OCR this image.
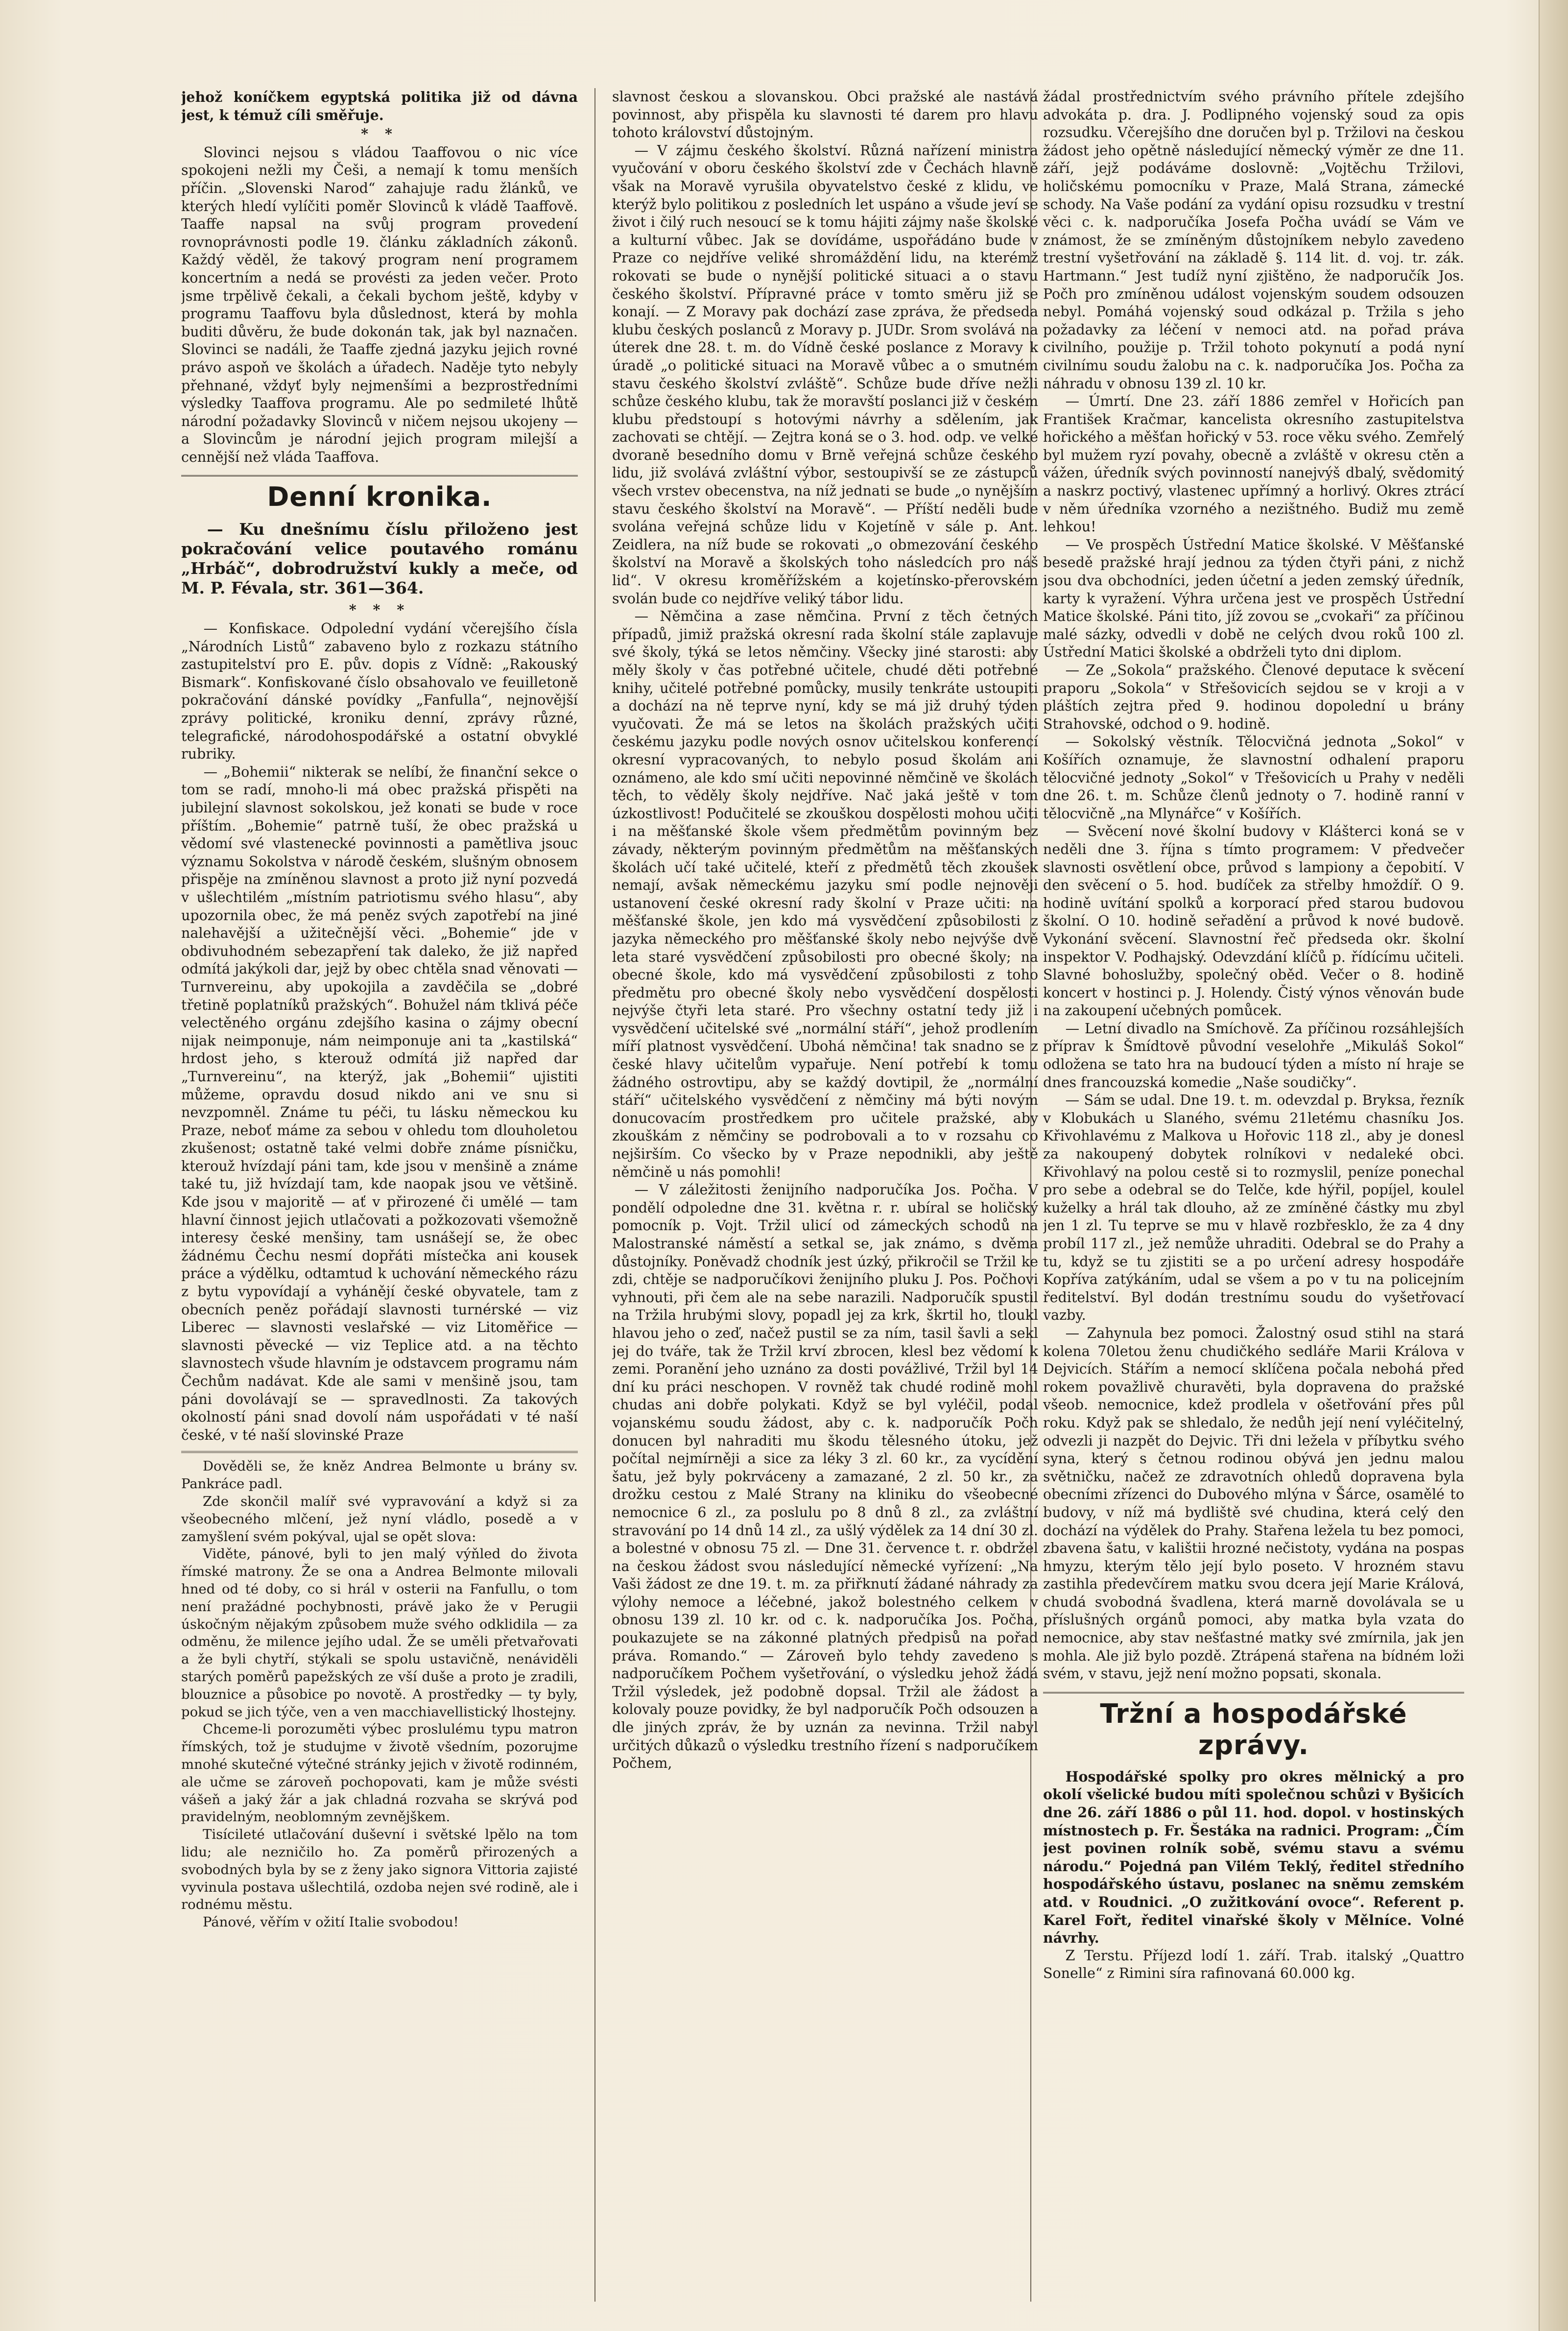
jehož koníčkem egyptská politika již od dávna jest, k témuž cíli směřuje.

* *

Slovinci nejsou s vládou Taaffovou o nic více spokojeni nežli my Češi, a nemají k tomu menších příčin. „Slovenski Narod“ zahajuje radu žlánků, ve kterých hledí vylíčiti poměr Slovinců k vládě Taaffově. Taaffe napsal na svůj program provedení rovnoprávnosti podle 19. článku základních zákonů. Každý věděl, že takový program není programem koncertním a nedá se provésti za jeden večer. Proto jsme trpělivě čekali, a čekali bychom ještě, kdyby v programu Taaffovu byla důslednost, která by mohla buditi důvěru, že bude dokonán tak, jak byl naznačen. Slovinci se nadáli, že Taaffe zjedná jazyku jejich rovné právo aspoň ve školách a úřadech. Naděje tyto nebyly přehnané, vždyť byly nejmenšími a bezprostředními výsledky Taaffova programu. Ale po sedmileté lhůtě národní požadavky Slovinců v ničem nejsou ukojeny — a Slovincům je národní jejich program milejší a cennější než vláda Taaffova.

Denní kronika.
— Ku dnešnímu číslu přiloženo jest pokračování velice poutavého románu „Hrbáč“, dobrodružství kukly a meče, od M. P. Févala, str. 361—364.
* * *

— Konfiskace. Odpolední vydání včerejšího čísla „Národních Listů“ zabaveno bylo z rozkazu státního zastupitelství pro E. pův. dopis z Vídně: „Rakouský Bismark“. Konfiskované číslo obsahovalo ve feuilletoně pokračování dánské povídky „Fanfulla“, nejnovější zprávy politické, kroniku denní, zprávy různé, telegrafické, národohospodářské a ostatní obvyklé rubriky.

— „Bohemii“ nikterak se nelíbí, že finanční sekce o tom se radí, mnoho-li má obec pražská přispěti na jubilejní slavnost sokolskou, jež konati se bude v roce příštím. „Bohemie“ patrně tuší, že obec pražská u vědomí své vlastenecké povinnosti a pamětliva jsouc významu Sokolstva v národě českém, slušným obnosem přispěje na zmíněnou slavnost a proto již nyní pozvedá v ušlechtilém „místním patriotismu svého hlasu“, aby upozornila obec, že má peněz svých zapotřebí na jiné nalehavější a užitečnější věci. „Bohemie“ jde v obdivuhodném sebezapření tak daleko, že již napřed odmítá jakýkoli dar, jejž by obec chtěla snad věnovati — Turnvereinu, aby upokojila a zavděčila se „dobré třetině poplatníků pražských“. Bohužel nám tklivá péče velectěného orgánu zdejšího kasina o zájmy obecní nijak neimponuje, nám neimponuje ani ta „kastilská“ hrdost jeho, s kterouž odmítá již napřed dar „Turnvereinu“, na kterýž, jak „Bohemii“ ujistiti můžeme, opravdu dosud nikdo ani ve snu si nevzpomněl. Známe tu péči, tu lásku německou ku Praze, neboť máme za sebou v ohledu tom dlouholetou zkušenost; ostatně také velmi dobře známe písničku, kterouž hvízdají páni tam, kde jsou v menšině a známe také tu, již hvízdají tam, kde naopak jsou ve většině. Kde jsou v majoritě — ať v přirozené či umělé — tam hlavní činnost jejich utlačovati a požkozovati všemožně interesy české menšiny, tam usnášejí se, že obec žádnému Čechu nesmí dopřáti místečka ani kousek práce a výdělku, odtamtud k uchování německého rázu z bytu vypovídají a vyhánějí české obyvatele, tam z obecních peněz pořádají slavnosti turnérské — viz Liberec — slavnosti veslařské — viz Litoměřice — slavnosti pěvecké — viz Teplice atd. a na těchto slavnostech všude hlavním je odstavcem programu nám Čechům nadávat. Kde ale sami v menšině jsou, tam páni dovolávají se — spravedlnosti. Za takových okolností páni snad dovolí nám uspořádati v té naší české, v té naší slovinské Praze

Dověděli se, že kněz Andrea Belmonte u brány sv. Pankráce padl.

Zde skončil malíř své vypravování a když si za všeobecného mlčení, jež nyní vládlo, posedě a v zamyšlení svém pokýval, ujal se opět slova:

Viděte, pánové, byli to jen malý výňled do života římské matrony. Že se ona a Andrea Belmonte milovali hned od té doby, co si hrál v osterii na Fanfullu, o tom není pražádné pochybnosti, právě jako že v Perugii úskočným nějakým způsobem muže svého odklidila — za odměnu, že milence jejího udal. Že se uměli přetvařovati a že byli chytří, stýkali se spolu ustavičně, nenáviděli starých poměrů papežských ze vší duše a proto je zradili, blouznice a působice po novotě. A prostředky — ty byly, pokud se jich týče, ven a ven macchiavellistický lhostejny.

Chceme-li porozuměti výbec proslulému typu matron římských, tož je studujme v životě všedním, pozorujme mnohé skutečné výtečné stránky jejich v životě rodinném, ale učme se zároveň pochopovati, kam je může svésti vášeň a jaký žár a jak chladná rozvaha se skrývá pod pravidelným, neoblomným zevnějškem.

Tisícileté utlačování duševní i světské lpělo na tom lidu; ale nezničilo ho. Za poměrů přirozených a svobodných byla by se z ženy jako signora Vittoria zajisté vyvinula postava ušlechtilá, ozdoba nejen své rodině, ale i rodnému městu.

Pánové, věřím v ožití Italie svobodou!

slavnost českou a slovanskou. Obci pražské ale nastává povinnost, aby přispěla ku slavnosti té darem pro hlavu tohoto království důstojným.

— V zájmu českého školství. Různá nařízení ministra vyučování v oboru českého školství zde v Čechách hlavně však na Moravě vyrušila obyvatelstvo české z klidu, ve kterýž bylo politikou z posledních let uspáno a všude jeví se život i čilý ruch nesoucí se k tomu hájiti zájmy naše školské a kulturní vůbec. Jak se dovídáme, uspořádáno bude v Praze co nejdříve veliké shromáždění lidu, na kterémž rokovati se bude o nynější politické situaci a o stavu českého školství. Přípravné práce v tomto směru již se konají. — Z Moravy pak dochází zase zpráva, že předseda klubu českých poslanců z Moravy p. JUDr. Srom svolává na úterek dne 28. t. m. do Vídně české poslance z Moravy k úradě „o politické situaci na Moravě vůbec a o smutném stavu českého školství zvláště“. Schůze bude dříve nežli schůze českého klubu, tak že moravští poslanci již v českém klubu předstoupí s hotovými návrhy a sdělením, jak zachovati se chtějí. — Zejtra koná se o 3. hod. odp. ve velké dvoraně besedního domu v Brně veřejná schůze českého lidu, již svolává zvláštní výbor, sestoupivší se ze zástupců všech vrstev obecenstva, na níž jednati se bude „o nynějším stavu českého školství na Moravě“. — Příští neděli bude svolána veřejná schůze lidu v Kojetíně v sále p. Ant. Zeidlera, na níž bude se rokovati „o obmezování českého školství na Moravě a školských toho následcích pro náš lid“. V okresu kroměřížském a kojetínsko-přerovském svolán bude co nejdříve veliký tábor lidu.

— Němčina a zase němčina. První z těch četných případů, jimiž pražská okresní rada školní stále zaplavuje své školy, týká se letos němčiny. Všecky jiné starosti: aby měly školy v čas potřebné učitele, chudé děti potřebné knihy, učitelé potřebné pomůcky, musily tenkráte ustoupiti a dochází na ně teprve nyní, kdy se má již druhý týden vyučovati. Že má se letos na školách pražských učiti českému jazyku podle nových osnov učitelskou konferencí okresní vypracovaných, to nebylo posud školám ani oznámeno, ale kdo smí učiti nepovinné němčině ve školách těch, to věděly školy nejdříve. Nač jaká ještě v tom úzkostlivost! Podučitelé se zkouškou dospělosti mohou učiti i na měšťanské škole všem předmětům povinným bez závady, některým povinným předmětům na měšťanských školách učí také učitelé, kteří z předmětů těch zkoušek nemají, avšak německému jazyku smí podle nejnověji ustanovení české okresní rady školní v Praze učiti: na měšťanské škole, jen kdo má vysvědčení způsobilosti z jazyka německého pro měšťanské školy nebo nejvýše dvě leta staré vysvědčení způsobilosti pro obecné školy; na obecné škole, kdo má vysvědčení způsobilosti z toho předmětu pro obecné školy nebo vysvědčení dospělosti nejvýše čtyři leta staré. Pro všechny ostatní tedy již i vysvědčení učitelské své „normální stáří“, jehož prodlením míří platnost vysvědčení. Ubohá němčina! tak snadno se z české hlavy učitelům vypařuje. Není potřebí k tomu žádného ostrovtipu, aby se každý dovtipil, že „normální stáří“ učitelského vysvědčení z němčiny má býti novým donucovacím prostředkem pro učitele pražské, aby zkouškám z němčiny se podrobovali a to v rozsahu co nejširším. Co všecko by v Praze nepodnikli, aby ještě němčině u nás pomohli!

— V záležitosti ženijního nadporučíka Jos. Počha. V pondělí odpoledne dne 31. května r. r. ubíral se holičský pomocník p. Vojt. Tržil ulicí od zámeckých schodů na Malostranské náměstí a setkal se, jak známo, s dvěma důstojníky. Poněvadž chodník jest úzký, přikročil se Tržil ke zdi, chtěje se nadporučíkovi ženijního pluku J. Pos. Počhovi vyhnouti, při čem ale na sebe narazili. Nadporučík spustil na Tržila hrubými slovy, popadl jej za krk, škrtil ho, tloukl hlavou jeho o zeď, načež pustil se za ním, tasil šavli a sekl jej do tváře, tak že Tržil krví zbrocen, klesl bez vědomí k zemi. Poranění jeho uznáno za dosti povážlivé, Tržil byl 14 dní ku práci neschopen. V rovněž tak chudé rodině mohl chudas ani dobře polykati. Když se byl vyléčil, podal vojanskému soudu žádost, aby c. k. nadporučík Počh donucen byl nahraditi mu škodu tělesného útoku, jež počítal nejmírněji a sice za léky 3 zl. 60 kr., za vycídění šatu, jež byly pokrváceny a zamazané, 2 zl. 50 kr., za drožku cestou z Malé Strany na kliniku do všeobecné nemocnice 6 zl., za poslulu po 8 dnů 8 zl., za zvláštní stravování po 14 dnů 14 zl., za ušlý výdělek za 14 dní 30 zl. a bolestné v obnosu 75 zl. — Dne 31. července t. r. obdržel na českou žádost svou následující německé vyřízení: „Na Vaši žádost ze dne 19. t. m. za přiřknutí žádané náhrady za výlohy nemoce a léčebné, jakož bolestného celkem v obnosu 139 zl. 10 kr. od c. k. nadporučíka Jos. Počha, poukazujete se na zákonné platných předpisů na pořad práva. Romando.“ — Zároveň bylo tehdy zavedeno s nadporučíkem Počhem vyšetřování, o výsledku jehož žádá Tržil výsledek, jež podobně dopsal. Tržil ale žádost a kolovaly pouze povidky, že byl nadporučík Počh odsouzen a dle jiných zpráv, že by uznán za nevinna. Tržil nabyl určitých důkazů o výsledku trestního řízení s nadporučíkem Počhem,

žádal prostřednictvím svého právního přítele zdejšího advokáta p. dra. J. Podlipného vojenský soud za opis rozsudku. Včerejšího dne doručen byl p. Tržilovi na českou žádost jeho opětně následující německý výměr ze dne 11. září, jejž podáváme doslovně: „Vojtěchu Tržilovi, holičskému pomocníku v Praze, Malá Strana, zámecké schody. Na Vaše podání za vydání opisu rozsudku v trestní věci c. k. nadporučíka Josefa Počha uvádí se Vám ve známost, že se zmíněným důstojníkem nebylo zavedeno trestní vyšetřování na základě §. 114 lit. d. voj. tr. zák. Hartmann.“ Jest tudíž nyní zjištěno, že nadporučík Jos. Počh pro zmíněnou událost vojenským soudem odsouzen nebyl. Pomáhá vojenský soud odkázal p. Tržila s jeho požadavky za léčení v nemoci atd. na pořad práva civilního, použije p. Tržil tohoto pokynutí a podá nyní civilnímu soudu žalobu na c. k. nadporučíka Jos. Počha za náhradu v obnosu 139 zl. 10 kr.

— Úmrtí. Dne 23. září 1886 zemřel v Hořicích pan František Kračmar, kancelista okresního zastupitelstva hořického a měšťan hořický v 53. roce věku svého. Zemřelý byl mužem ryzí povahy, obecně a zvláště v okresu ctěn a vážen, úředník svých povinností nanejvýš dbalý, svědomitý a naskrz poctivý, vlastenec upřímný a horlivý. Okres ztrácí v něm úředníka vzorného a nezištného. Budiž mu země lehkou!

— Ve prospěch Ústřední Matice školské. V Měšťanské besedě pražské hrají jednou za týden čtyři páni, z nichž jsou dva obchodníci, jeden účetní a jeden zemský úředník, karty k vyražení. Výhra určena jest ve prospěch Ústřední Matice školské. Páni tito, jíž zovou se „cvokaři“ za příčinou malé sázky, odvedli v době ne celých dvou roků 100 zl. Ústřední Matici školské a obdrželi tyto dni diplom.

— Ze „Sokola“ pražského. Členové deputace k svěcení praporu „Sokola“ v Střešovicích sejdou se v kroji a v pláštích zejtra před 9. hodinou dopolední u brány Strahovské, odchod o 9. hodině.

— Sokolský věstník. Tělocvičná jednota „Sokol“ v Košířích oznamuje, že slavnostní odhalení praporu tělocvičné jednoty „Sokol“ v Třešovicích u Prahy v neděli dne 26. t. m. Schůze členů jednoty o 7. hodině ranní v tělocvičně „na Mlynářce“ v Košířích.

— Svěcení nové školní budovy v Klášterci koná se v neděli dne 3. října s tímto programem: V předvečer slavnosti osvětlení obce, průvod s lampiony a čepobití. V den svěcení o 5. hod. budíček za střelby hmoždíř. O 9. hodině uvítání spolků a korporací před starou budovou školní. O 10. hodině seřadění a průvod k nové budově. Vykonání svěcení. Slavnostní řeč předseda okr. školní inspektor V. Podhajský. Odevzdání klíčů p. řídícímu učiteli. Slavné bohoslužby, společný oběd. Večer o 8. hodině koncert v hostinci p. J. Holendy. Čistý výnos věnován bude na zakoupení učebných pomůcek.

— Letní divadlo na Smíchově. Za příčinou rozsáhlejších příprav k Šmídtově původní veselohře „Mikuláš Sokol“ odložena se tato hra na budoucí týden a místo ní hraje se dnes francouzská komedie „Naše soudičky“.

— Sám se udal. Dne 19. t. m. odevzdal p. Bryksa, řezník v Klobukách u Slaného, svému 21letému chasníku Jos. Křivohlavému z Malkova u Hořovic 118 zl., aby je donesl za nakoupený dobytek rolníkovi v nedaleké obci. Křivohlavý na polou cestě si to rozmyslil, peníze ponechal pro sebe a odebral se do Telče, kde hýřil, popíjel, koulel kuželky a hrál tak dlouho, až ze zmíněné částky mu zbyl jen 1 zl. Tu teprve se mu v hlavě rozbřesklo, že za 4 dny probíl 117 zl., jež nemůže uhraditi. Odebral se do Prahy a tu, když se tu zjistiti se a po určení adresy hospodáře Kopříva zatýkáním, udal se všem a po v tu na policejním ředitelství. Byl dodán trestnímu soudu do vyšetřovací vazby.

— Zahynula bez pomoci. Žalostný osud stihl na stará kolena 70letou ženu chudičkého sedláře Marii Králova v Dejvicích. Stářím a nemocí sklíčena počala nebohá před rokem považlivě churavěti, byla dopravena do pražské všeob. nemocnice, kdež prodlela v ošetřování přes půl roku. Když pak se shledalo, že nedůh její není vyléčitelný, odvezli ji nazpět do Dejvic. Tři dni ležela v příbytku svého syna, který s četnou rodinou obývá jen jednu malou světničku, načež ze zdravotních ohledů dopravena byla obecními zřízenci do Dubového mlýna v Šárce, osamělé to budovy, v níž má bydliště své chudina, která celý den dochází na výdělek do Prahy. Stařena ležela tu bez pomoci, zbavena šatu, v kalištii hrozné nečistoty, vydána na pospas hmyzu, kterým tělo její bylo poseto. V hrozném stavu zastihla předevčírem matku svou dcera její Marie Králová, chudá svobodná švadlena, která marně dovolávala se u příslušných orgánů pomoci, aby matka byla vzata do nemocnice, aby stav nešťastné matky své zmírnila, jak jen mohla. Ale již bylo pozdě. Ztrápená stařena na bídném loži svém, v stavu, jejž není možno popsati, skonala.

Tržní a hospodářské zprávy.

Hospodářské spolky pro okres mělnický a pro okolí všelické budou míti společnou schůzi v Byšicích dne 26. září 1886 o půl 11. hod. dopol. v hostinských místnostech p. Fr. Šestáka na radnici. Program: „Čím jest povinen rolník sobě, svému stavu a svému národu.“ Pojedná pan Vilém Teklý, ředitel středního hospodářského ústavu, poslanec na sněmu zemském atd. v Roudnici. „O zužitkování ovoce“. Referent p. Karel Fořt, ředitel vinařské školy v Mělníce. Volné návrhy.

Z Terstu. Příjezd lodí 1. září. Trab. italský „Quattro Sonelle“ z Rimini síra rafinovaná 60.000 kg.
